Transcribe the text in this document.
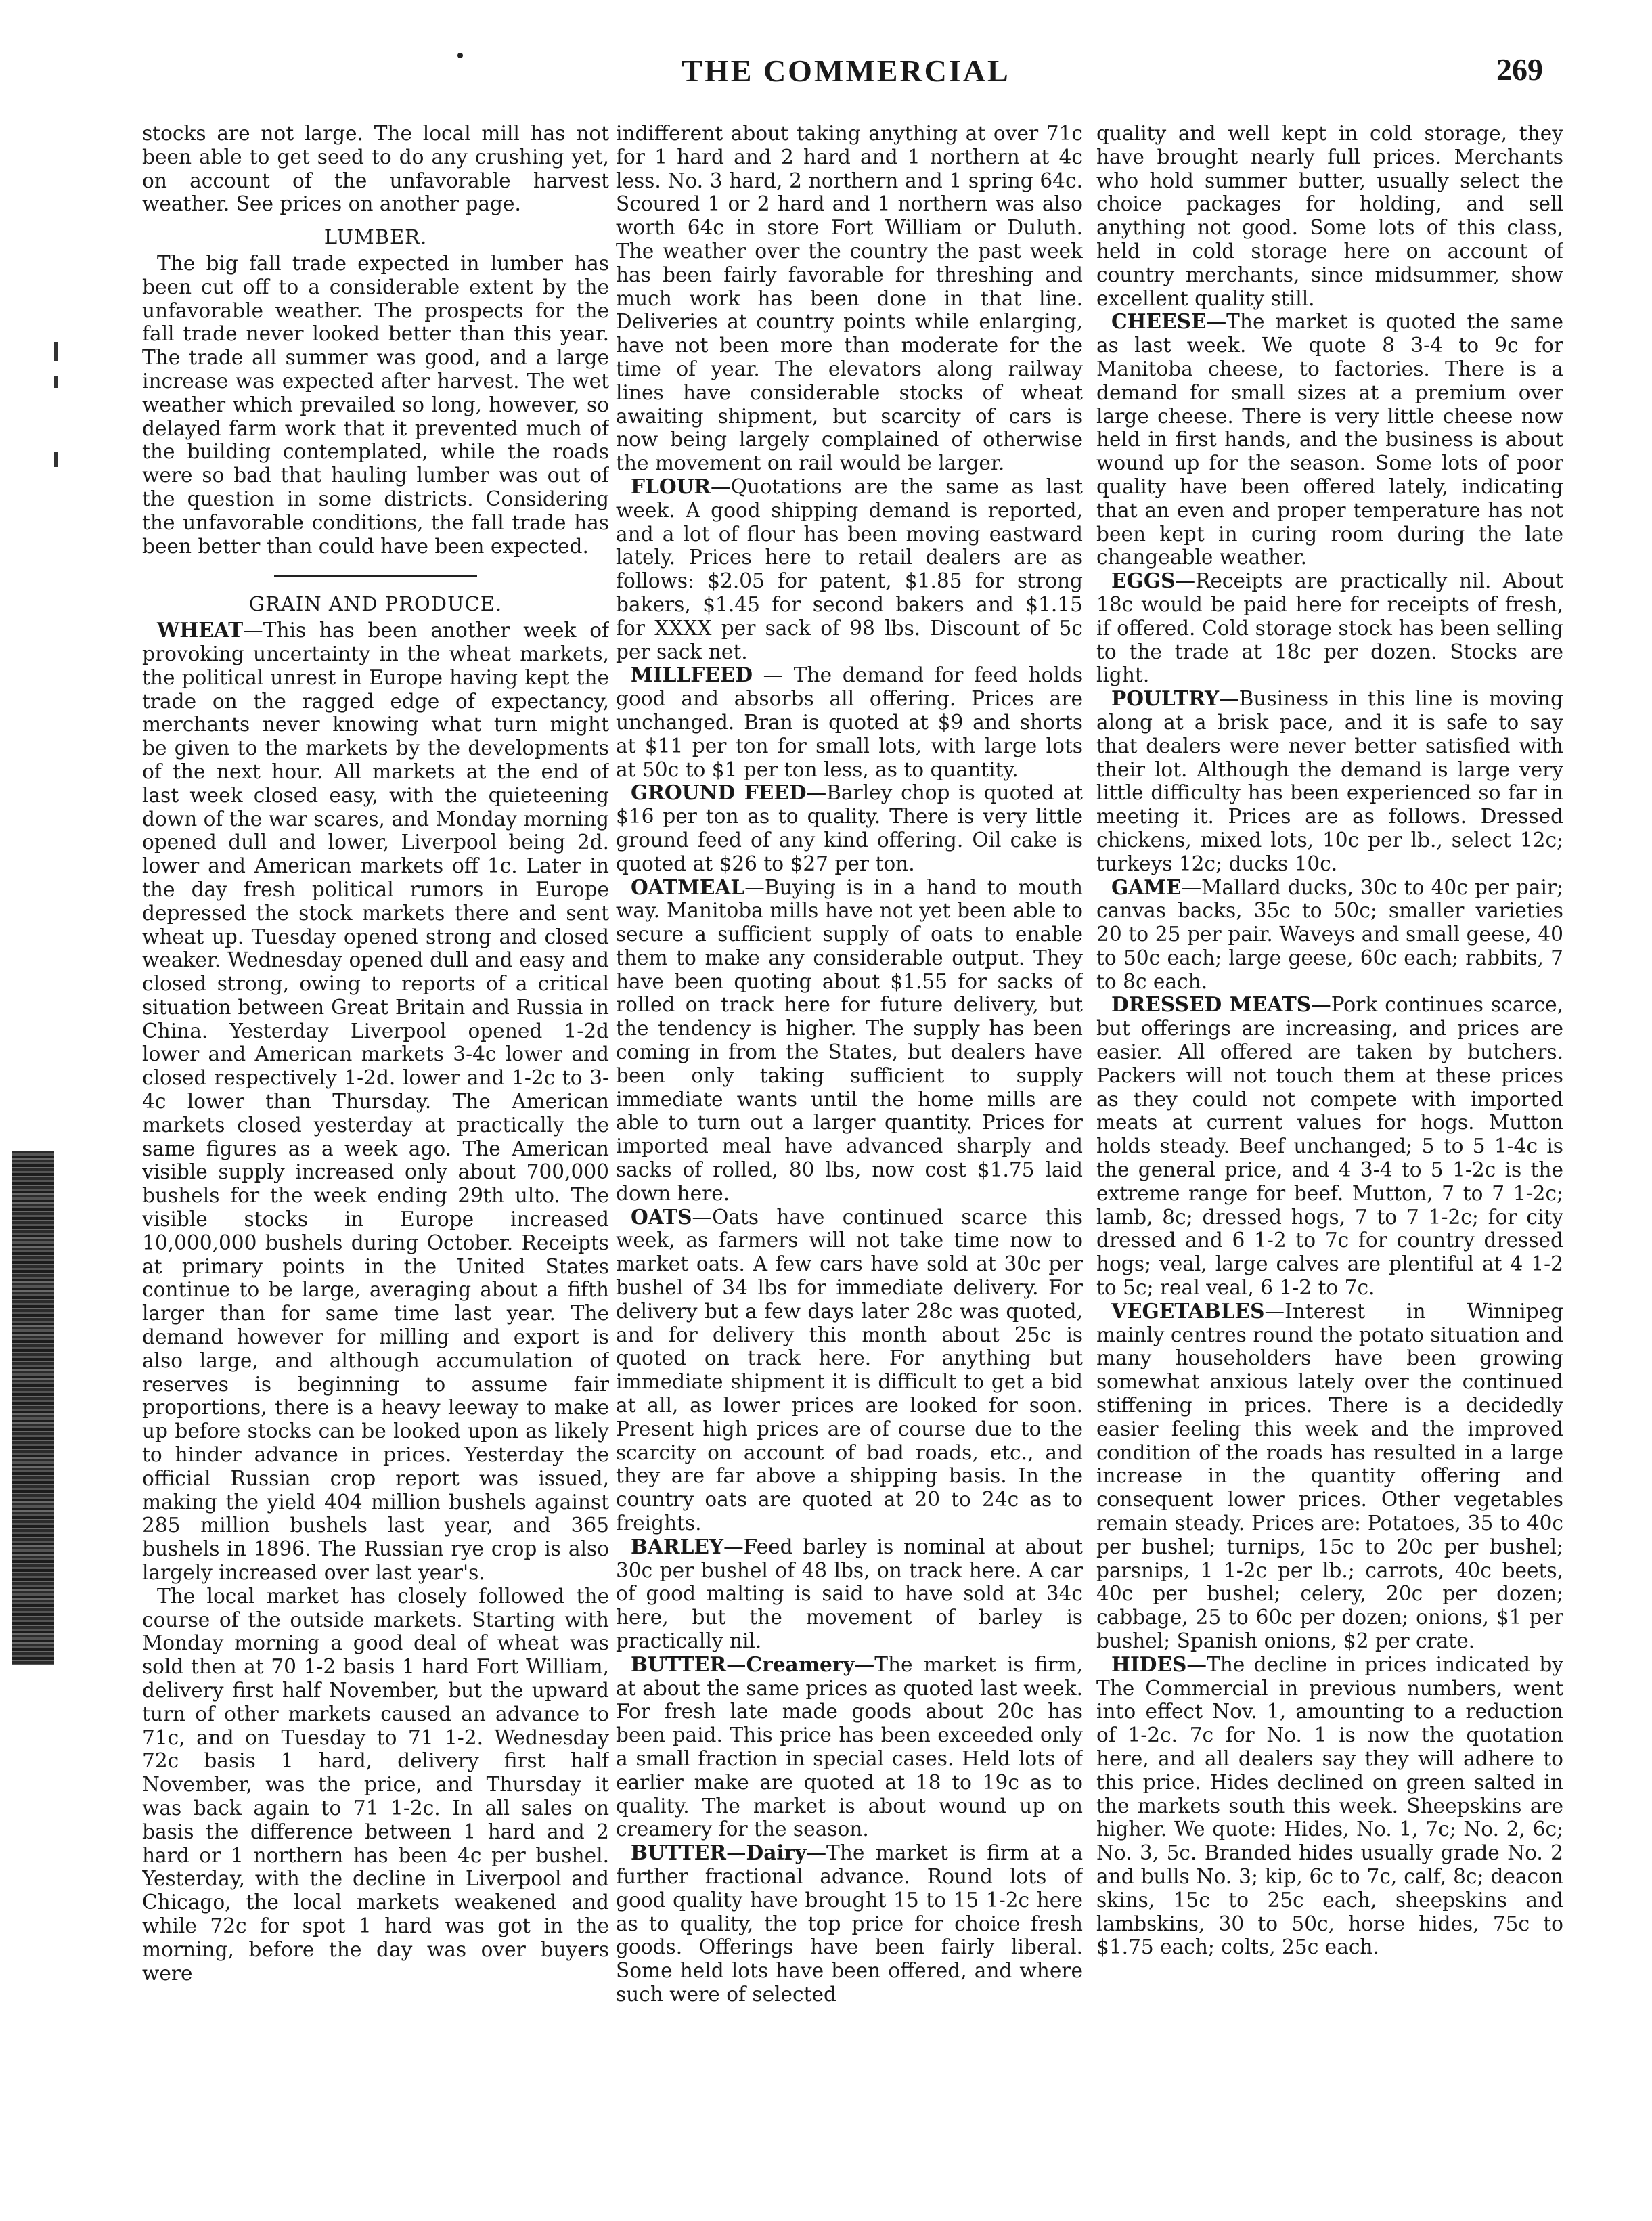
THE COMMERCIAL	269

stocks are not large. The local mill has not been able to get seed to do any crushing yet, on account of the unfavorable harvest weather. See prices on another page.

LUMBER.

The big fall trade expected in lumber has been cut off to a considerable extent by the unfavorable weather. The prospects for the fall trade never looked better than this year. The trade all summer was good, and a large increase was expected after harvest. The wet weather which prevailed so long, however, so delayed farm work that it prevented much of the building contemplated, while the roads were so bad that hauling lumber was out of the question in some districts. Considering the unfavorable conditions, the fall trade has been better than could have been expected.

GRAIN AND PRODUCE.

WHEAT—This has been another week of provoking uncertainty in the wheat markets, the political unrest in Europe having kept the trade on the ragged edge of expectancy, merchants never knowing what turn might be given to the markets by the developments of the next hour. All markets at the end of last week closed easy, with the quieteening down of the war scares, and Monday morning opened dull and lower, Liverpool being 2d. lower and American markets off 1c. Later in the day fresh political rumors in Europe depressed the stock markets there and sent wheat up. Tuesday opened strong and closed weaker. Wednesday opened dull and easy and closed strong, owing to reports of a critical situation between Great Britain and Russia in China. Yesterday Liverpool opened 1-2d lower and American markets 3-4c lower and closed respectively 1-2d. lower and 1-2c to 3-4c lower than Thursday. The American markets closed yesterday at practically the same figures as a week ago. The American visible supply increased only about 700,000 bushels for the week ending 29th ulto. The visible stocks in Europe increased 10,000,000 bushels during October. Receipts at primary points in the United States continue to be large, averaging about a fifth larger than for same time last year. The demand however for milling and export is also large, and although accumulation of reserves is beginning to assume fair proportions, there is a heavy leeway to make up before stocks can be looked upon as likely to hinder advance in prices. Yesterday the official Russian crop report was issued, making the yield 404 million bushels against 285 million bushels last year, and 365 bushels in 1896. The Russian rye crop is also largely increased over last year's.

The local market has closely followed the course of the outside markets. Starting with Monday morning a good deal of wheat was sold then at 70 1-2 basis 1 hard Fort William, delivery first half November, but the upward turn of other markets caused an advance to 71c, and on Tuesday to 71 1-2. Wednesday 72c basis 1 hard, delivery first half November, was the price, and Thursday it was back again to 71 1-2c. In all sales on basis the difference between 1 hard and 2 hard or 1 northern has been 4c per bushel. Yesterday, with the decline in Liverpool and Chicago, the local markets weakened and while 72c for spot 1 hard was got in the morning, before the day was over buyers were

indifferent about taking anything at over 71c for 1 hard and 2 hard and 1 northern at 4c less. No. 3 hard, 2 northern and 1 spring 64c. Scoured 1 or 2 hard and 1 northern was also worth 64c in store Fort William or Duluth. The weather over the country the past week has been fairly favorable for threshing and much work has been done in that line. Deliveries at country points while enlarging, have not been more than moderate for the time of year. The elevators along railway lines have considerable stocks of wheat awaiting shipment, but scarcity of cars is now being largely complained of otherwise the movement on rail would be larger.

FLOUR—Quotations are the same as last week. A good shipping demand is reported, and a lot of flour has been moving eastward lately. Prices here to retail dealers are as follows: $2.05 for patent, $1.85 for strong bakers, $1.45 for second bakers and $1.15 for XXXX per sack of 98 lbs. Discount of 5c per sack net.

MILLFEED — The demand for feed holds good and absorbs all offering. Prices are unchanged. Bran is quoted at $9 and shorts at $11 per ton for small lots, with large lots at 50c to $1 per ton less, as to quantity.

GROUND FEED—Barley chop is quoted at $16 per ton as to quality. There is very little ground feed of any kind offering. Oil cake is quoted at $26 to $27 per ton.

OATMEAL—Buying is in a hand to mouth way. Manitoba mills have not yet been able to secure a sufficient supply of oats to enable them to make any considerable output. They have been quoting about $1.55 for sacks of rolled on track here for future delivery, but the tendency is higher. The supply has been coming in from the States, but dealers have been only taking sufficient to supply immediate wants until the home mills are able to turn out a larger quantity. Prices for imported meal have advanced sharply and sacks of rolled, 80 lbs, now cost $1.75 laid down here.

OATS—Oats have continued scarce this week, as farmers will not take time now to market oats. A few cars have sold at 30c per bushel of 34 lbs for immediate delivery. For delivery but a few days later 28c was quoted, and for delivery this month about 25c is quoted on track here. For anything but immediate shipment it is difficult to get a bid at all, as lower prices are looked for soon. Present high prices are of course due to the scarcity on account of bad roads, etc., and they are far above a shipping basis. In the country oats are quoted at 20 to 24c as to freights.

BARLEY—Feed barley is nominal at about 30c per bushel of 48 lbs, on track here. A car of good malting is said to have sold at 34c here, but the movement of barley is practically nil.

BUTTER—Creamery—The market is firm, at about the same prices as quoted last week. For fresh late made goods about 20c has been paid. This price has been exceeded only a small fraction in special cases. Held lots of earlier make are quoted at 18 to 19c as to quality. The market is about wound up on creamery for the season.

BUTTER—Dairy—The market is firm at a further fractional advance. Round lots of good quality have brought 15 to 15 1-2c here as to quality, the top price for choice fresh goods. Offerings have been fairly liberal. Some held lots have been offered, and where such were of selected

quality and well kept in cold storage, they have brought nearly full prices. Merchants who hold summer butter, usually select the choice packages for holding, and sell anything not good. Some lots of this class, held in cold storage here on account of country merchants, since midsummer, show excellent quality still.

CHEESE—The market is quoted the same as last week. We quote 8 3-4 to 9c for Manitoba cheese, to factories. There is a demand for small sizes at a premium over large cheese. There is very little cheese now held in first hands, and the business is about wound up for the season. Some lots of poor quality have been offered lately, indicating that an even and proper temperature has not been kept in curing room during the late changeable weather.

EGGS—Receipts are practically nil. About 18c would be paid here for receipts of fresh, if offered. Cold storage stock has been selling to the trade at 18c per dozen. Stocks are light.

POULTRY—Business in this line is moving along at a brisk pace, and it is safe to say that dealers were never better satisfied with their lot. Although the demand is large very little difficulty has been experienced so far in meeting it. Prices are as follows. Dressed chickens, mixed lots, 10c per lb., select 12c; turkeys 12c; ducks 10c.

GAME—Mallard ducks, 30c to 40c per pair; canvas backs, 35c to 50c; smaller varieties 20 to 25 per pair. Waveys and small geese, 40 to 50c each; large geese, 60c each; rabbits, 7 to 8c each.

DRESSED MEATS—Pork continues scarce, but offerings are increasing, and prices are easier. All offered are taken by butchers. Packers will not touch them at these prices as they could not compete with imported meats at current values for hogs. Mutton holds steady. Beef unchanged; 5 to 5 1-4c is the general price, and 4 3-4 to 5 1-2c is the extreme range for beef. Mutton, 7 to 7 1-2c; lamb, 8c; dressed hogs, 7 to 7 1-2c; for city dressed and 6 1-2 to 7c for country dressed hogs; veal, large calves are plentiful at 4 1-2 to 5c; real veal, 6 1-2 to 7c.

VEGETABLES—Interest in Winnipeg mainly centres round the potato situation and many householders have been growing somewhat anxious lately over the continued stiffening in prices. There is a decidedly easier feeling this week and the improved condition of the roads has resulted in a large increase in the quantity offering and consequent lower prices. Other vegetables remain steady. Prices are: Potatoes, 35 to 40c per bushel; turnips, 15c to 20c per bushel; parsnips, 1 1-2c per lb.; carrots, 40c beets, 40c per bushel; celery, 20c per dozen; cabbage, 25 to 60c per dozen; onions, $1 per bushel; Spanish onions, $2 per crate.

HIDES—The decline in prices indicated by The Commercial in previous numbers, went into effect Nov. 1, amounting to a reduction of 1-2c. 7c for No. 1 is now the quotation here, and all dealers say they will adhere to this price. Hides declined on green salted in the markets south this week. Sheepskins are higher. We quote: Hides, No. 1, 7c; No. 2, 6c; No. 3, 5c. Branded hides usually grade No. 2 and bulls No. 3; kip, 6c to 7c, calf, 8c; deacon skins, 15c to 25c each, sheepskins and lambskins, 30 to 50c, horse hides, 75c to $1.75 each; colts, 25c each.
